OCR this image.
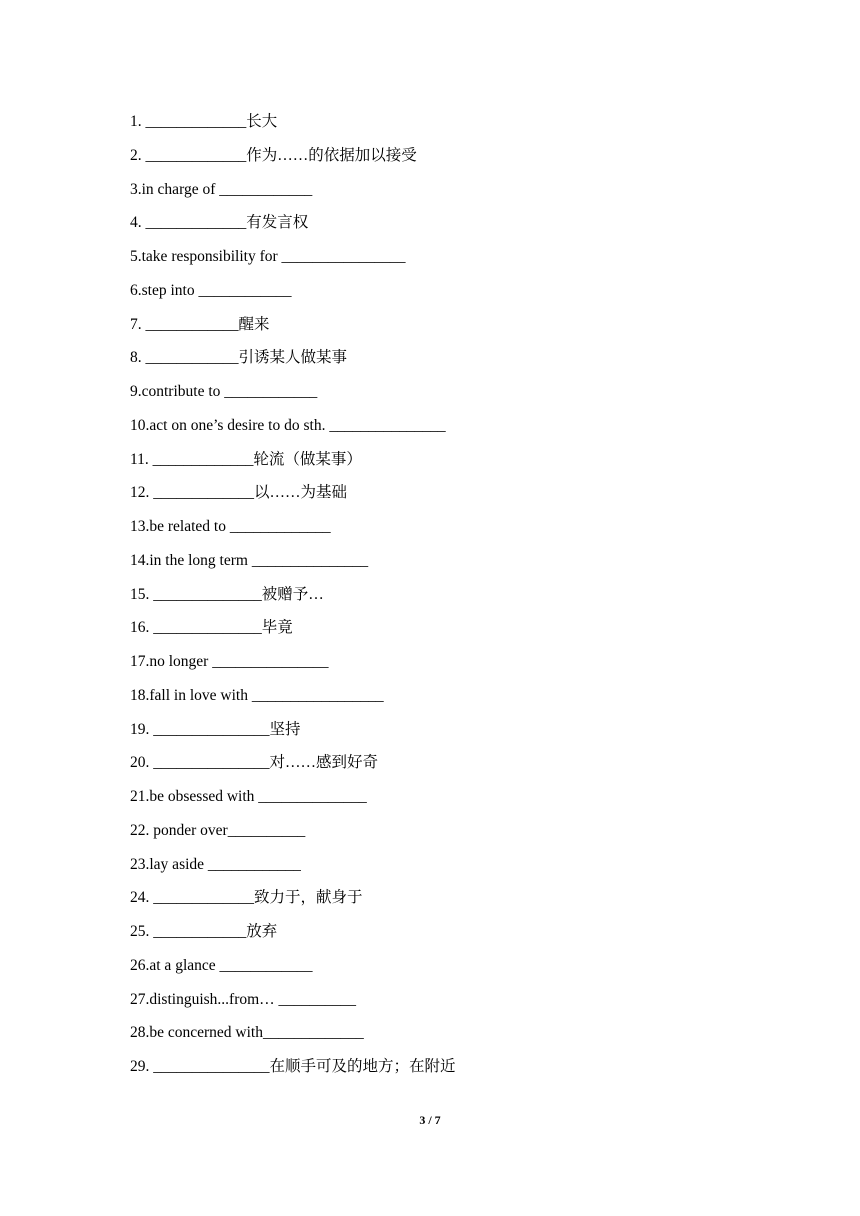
1. _____________长大
2. _____________作为……的依据加以接受
3.in charge of ____________
4. _____________有发言权
5.take responsibility for ________________
6.step into ____________
7. ____________醒来
8. ____________引诱某人做某事
9.contribute to ____________
10.act on one’s desire to do sth. _______________
11. _____________轮流（做某事）
12. _____________以……为基础
13.be related to _____________
14.in the long term _______________
15. ______________被赠予…
16. ______________毕竟
17.no longer _______________
18.fall in love with _________________
19. _______________坚持
20. _______________对……感到好奇
21.be obsessed with ______________
22. ponder over__________
23.lay aside ____________
24. _____________致力于，献身于
25. ____________放弃
26.at a glance ____________
27.distinguish...from… __________
28.be concerned with_____________
29. _______________在顺手可及的地方；在附近
3 / 7
